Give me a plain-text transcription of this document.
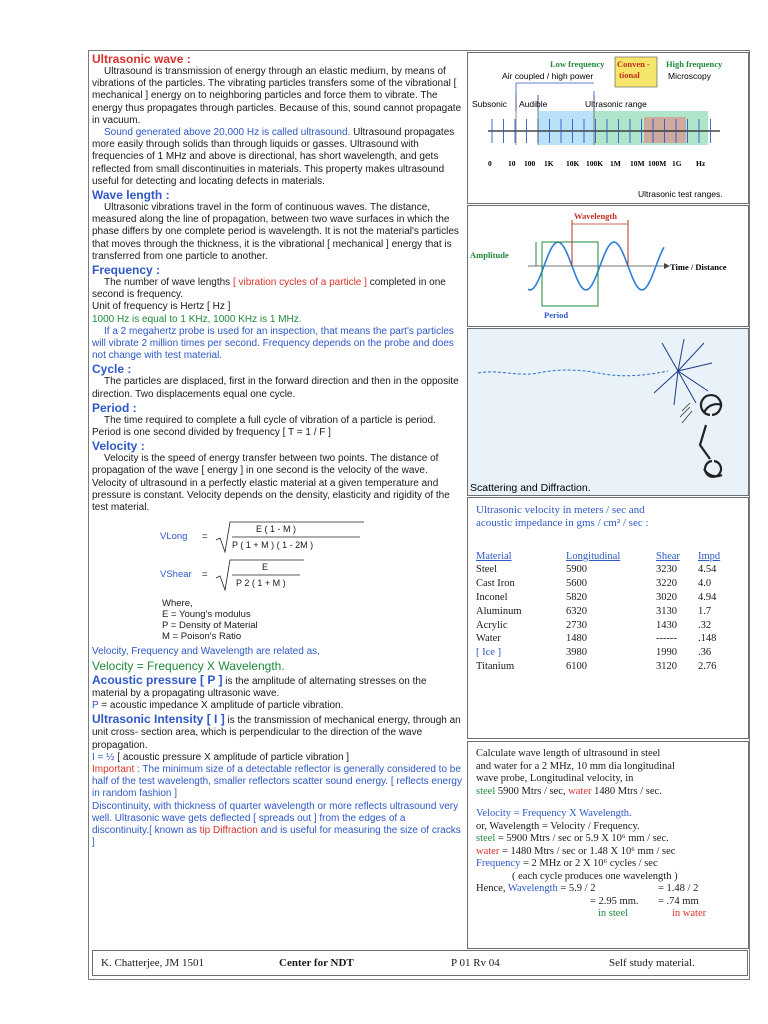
Ultrasonic wave :

Ultrasound is transmission of energy through an elastic medium, by means of vibrations of the particles. The vibrating particles transfers some of the vibrational [ mechanical ] energy on to neighboring particles and force them to vibrate. The energy thus propagates through particles. Because of this, sound cannot propagate in vacuum.

Sound generated above 20,000 Hz is called ultrasound. Ultrasound propagates more easily through solids than through liquids or gasses. Ultrasound with frequencies of 1 MHz and above is directional, has short wavelength, and gets reflected from small discontinuities in materials. This property makes ultrasound useful for detecting and locating defects in materials.

Wave length :

Ultrasonic vibrations travel in the form of continuous waves. The distance, measured along the line of propagation, between two wave surfaces in which the phase differs by one complete period is wavelength. It is not the material's particles that moves through the thickness, it is the vibrational [ mechanical ] energy that is transferred from one particle to another.

Frequency :

The number of wave lengths [ vibration cycles of a particle ] completed in one second is frequency.

Unit of frequency is Hertz [ Hz ]

1000 Hz is equal to 1 KHz, 1000 KHz is 1 MHz.

If a 2 megahertz probe is used for an inspection, that means the part's particles will vibrate 2 million times per second. Frequency depends on the probe and does not change with test material.

Cycle :

The particles are displaced, first in the forward direction and then in the opposite direction. Two displacements equal one cycle.

Period :

The time required to complete a full cycle of vibration of a particle is period.

Period is one second divided by frequency [ T = 1 / F ]

Velocity :

Velocity is the speed of energy transfer between two points. The distance of propagation of the wave [ energy ] in one second is the velocity of the wave. Velocity of ultrasound in a perfectly elastic material at a given temperature and pressure is constant. Velocity depends on the density, elasticity and rigidity of the test material.

VLong	=
E ( 1 - M )
P ( 1 + M ) ( 1 - 2M )
VShear	=
E
P 2 ( 1 + M )
Where,
E = Young's modulus
P = Density of Material
M = Poison's Ratio

Velocity, Frequency and Wavelength are related as,

Velocity = Frequency X Wavelength.

Acoustic pressure [ P ] is the amplitude of alternating stresses on the material by a propagating ultrasonic wave.

P = acoustic impedance X amplitude of particle vibration.

Ultrasonic Intensity [ I ] is the transmission of mechanical energy, through an unit cross- section area, which is perpendicular to the direction of the wave propagation.

I = ½ [ acoustic pressure X amplitude of particle vibration ]

Important : The minimum size of a detectable reflector is generally considered to be half of the test wavelength, smaller reflectors scatter sound energy. [ reflects energy in random fashion ]

Discontinuity, with thickness of quarter wavelength or more reflects ultrasound very well. Ultrasonic wave gets deflected [ spreads out ] from the edges of a discontinuity.[ known as tip Diffraction and is useful for measuring the size of cracks ]

Low frequency Conven -
tional
High frequency
Air coupled / high power	Microscopy
Subsonic Audible	Ultrasonic range
0 10 100 1K 10K 100K 1M 10M 100M 1G Hz
Ultrasonic test ranges.
Wavelength
Amplitude
Time / Distance
Period
Scattering and Diffraction.
Ultrasonic velocity in meters / sec and
acoustic impedance in gms / cm² / sec :
Material	Longitudinal	Shear	Impd
Steel	5900	3230	4.54
Cast Iron	5600	3220	4.0
Inconel	5820	3020	4.94
Aluminum	6320	3130	1.7
Acrylic	2730	1430	.32
Water	1480	------	.148
[ Ice ]	3980	1990	.36
Titanium	6100	3120	2.76
Calculate wave length of ultrasound in steel
and water for a 2 MHz, 10 mm dia longitudinal
wave probe, Longitudinal velocity, in
steel 5900 Mtrs / sec, water 1480 Mtrs / sec.
Velocity = Frequency X Wavelength.
or, Wavelength = Velocity / Frequency.
steel = 5900 Mtrs / sec or 5.9 X 10⁶ mm / sec.
water = 1480 Mtrs / sec or 1.48 X 10⁶ mm / sec
Frequency = 2 MHz or 2 X 10⁶ cycles / sec
( each cycle produces one wavelength )
Hence, Wavelength = 5.9 / 2	= 1.48 / 2
= 2.95 mm. = .74 mm
in steel	in water
K. Chatterjee, JM 1501	Center for NDT	P 01 Rv 04	Self study material.
